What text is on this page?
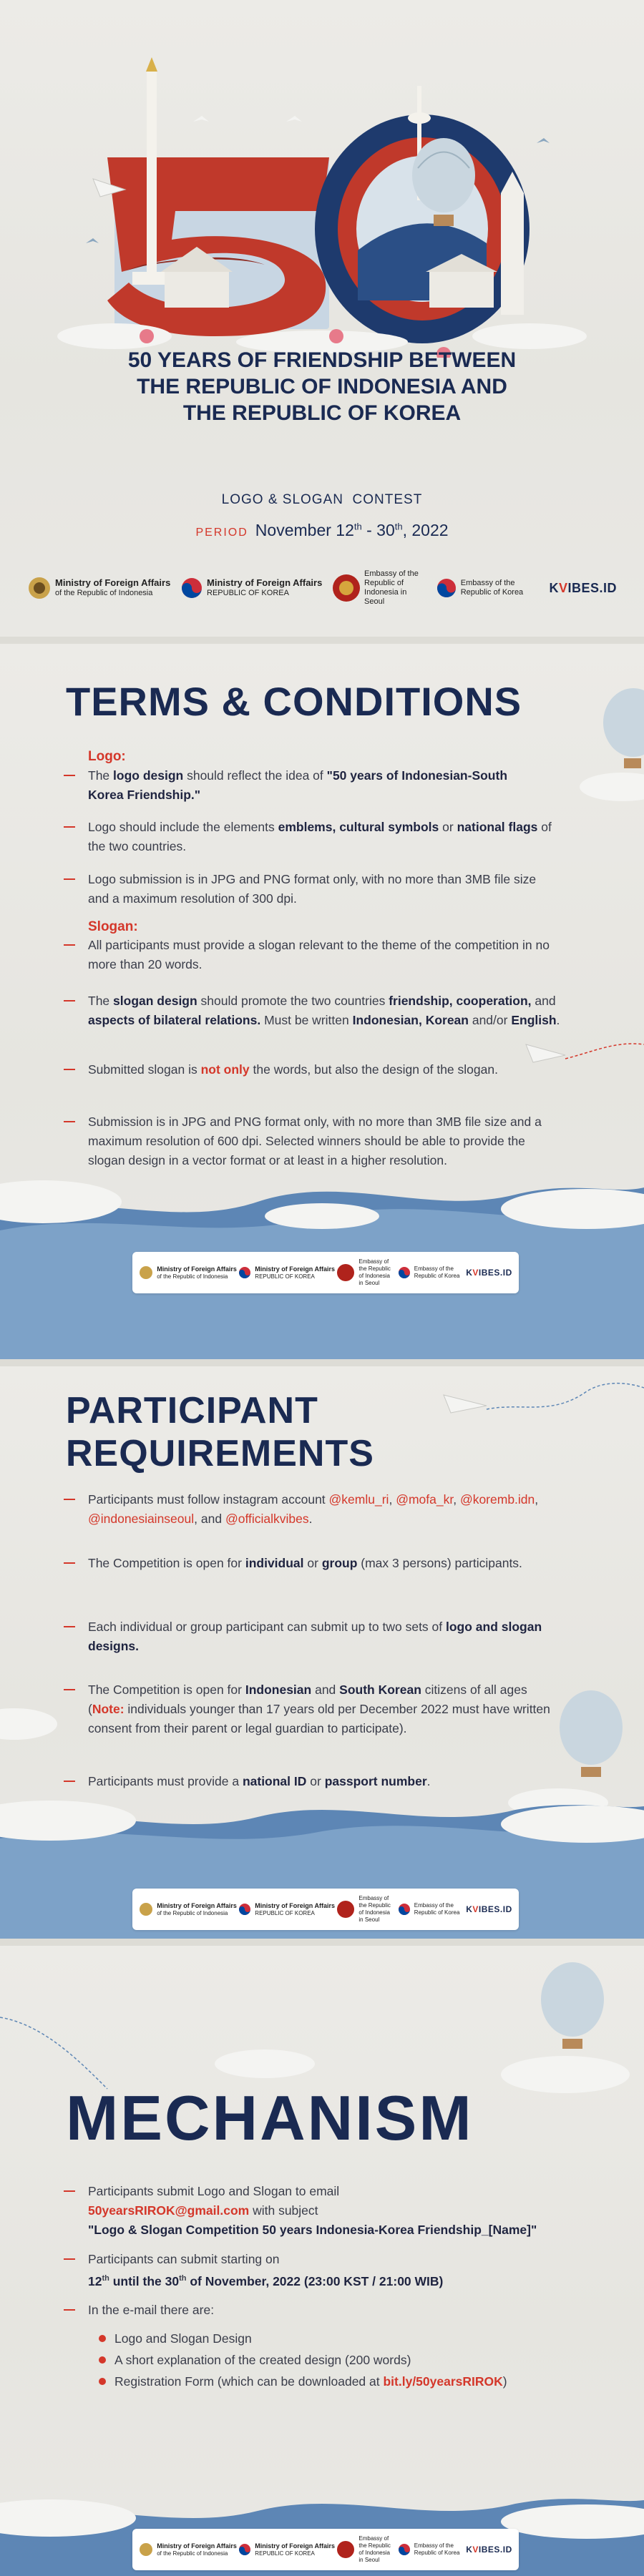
50 YEARS OF FRIENDSHIP BETWEEN
THE REPUBLIC OF INDONESIA AND
THE REPUBLIC OF KOREA
LOGO & SLOGAN  CONTEST
PERIOD November 12th - 30th, 2022
Ministry of Foreign Affairs
of the Republic of Indonesia
Ministry of Foreign Affairs
REPUBLIC OF KOREA
Embassy of the Republic of Indonesia in Seoul
Embassy of the Republic of Korea	KVIBES.ID
TERMS & CONDITIONS
Logo:
The logo design should reflect the idea of "50 years of Indonesian-South Korea Friendship."
Logo should include the elements emblems, cultural symbols or national flags of the two countries.
Logo submission is in JPG and PNG format only, with no more than 3MB file size and a maximum resolution of 300 dpi.
Slogan:
All participants must provide a slogan relevant to the theme of the competition in no more than 20 words.
The slogan design should promote the two countries friendship, cooperation, and aspects of bilateral relations. Must be written Indonesian, Korean and/or English.
Submitted slogan is not only the words, but also the design of the slogan.
Submission is in JPG and PNG format only, with no more than 3MB file size and a maximum resolution of 600 dpi. Selected winners should be able to provide the slogan design in a vector format or at least in a higher resolution.
Ministry of Foreign Affairs
of the Republic of Indonesia
Ministry of Foreign Affairs
REPUBLIC OF KOREA
Embassy of the Republic of Indonesia in Seoul
Embassy of the Republic of Korea KVIBES.ID
PARTICIPANT
REQUIREMENTS
Participants must follow instagram account @kemlu_ri, @mofa_kr, @koremb.idn, @indonesiainseoul, and @officialkvibes.
The Competition is open for individual or group (max 3 persons) participants.
Each individual or group participant can submit up to two sets of logo and slogan designs.
The Competition is open for Indonesian and South Korean citizens of all ages (Note: individuals younger than 17 years old per December 2022 must have written consent from their parent or legal guardian to participate).
Participants must provide a national ID or passport number.
Ministry of Foreign Affairs
of the Republic of Indonesia
Ministry of Foreign Affairs
REPUBLIC OF KOREA
Embassy of the Republic of Indonesia in Seoul
Embassy of the Republic of Korea KVIBES.ID
MECHANISM
Participants submit Logo and Slogan to email
50yearsRIROK@gmail.com with subject
"Logo & Slogan Competition 50 years Indonesia-Korea Friendship_[Name]"
Participants can submit starting on
12th until the 30th of November, 2022 (23:00 KST / 21:00 WIB)
In the e-mail there are:
Logo and Slogan Design
A short explanation of the created design (200 words)
Registration Form (which can be downloaded at bit.ly/50yearsRIROK)
Ministry of Foreign Affairs
of the Republic of Indonesia
Ministry of Foreign Affairs
REPUBLIC OF KOREA
Embassy of the Republic of Indonesia in Seoul
Embassy of the Republic of Korea KVIBES.ID
